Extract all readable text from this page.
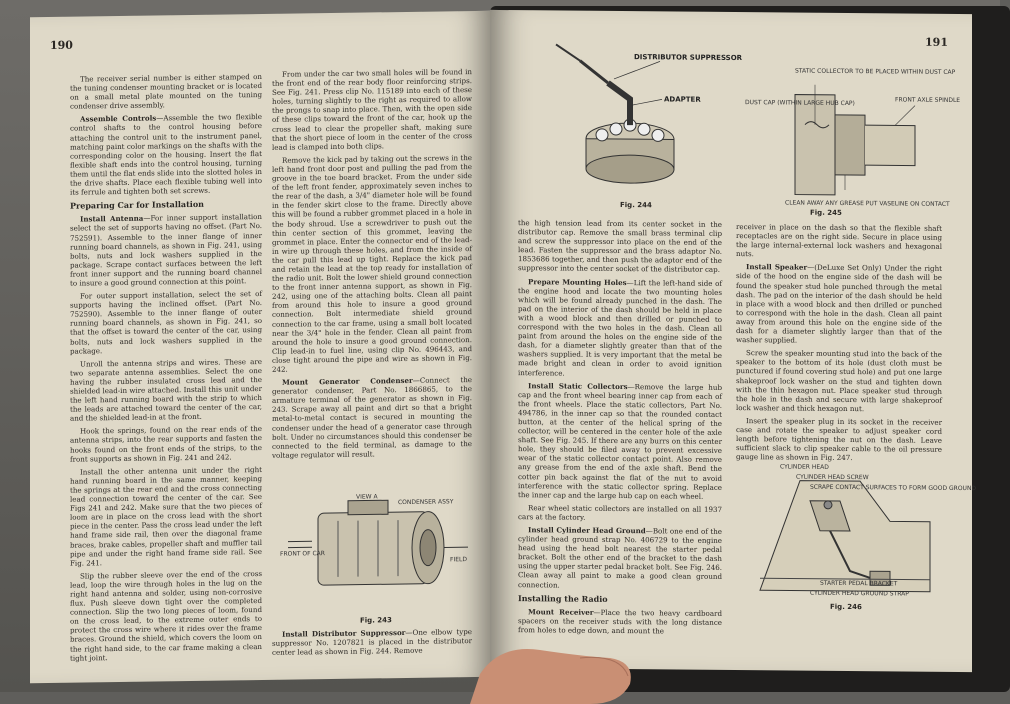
190

The receiver serial number is either stamped on the tuning condenser mounting bracket or is located on a small metal plate mounted on the tuning condenser drive assembly.

Assemble Controls—Assemble the two flexible control shafts to the control housing before attaching the control unit to the instrument panel, matching paint color markings on the shafts with the corresponding color on the housing. Insert the flat flexible shaft ends into the control housing, turning them until the flat ends slide into the slotted holes in the drive shafts. Place each flexible tubing well into its ferrule and tighten both set screws.

Preparing Car for Installation

Install Antenna—For inner support installation select the set of supports having no offset. (Part No. 752591). Assemble to the inner flange of inner running board channels, as shown in Fig. 241, using bolts, nuts and lock washers supplied in the package. Scrape contact surfaces between the left front inner support and the running board channel to insure a good ground connection at this point.

For outer support installation, select the set of supports having the inclined offset. (Part No. 752590). Assemble to the inner flange of outer running board channels, as shown in Fig. 241, so that the offset is toward the center of the car, using bolts, nuts and lock washers supplied in the package.

Unroll the antenna strips and wires. These are two separate antenna assemblies. Select the one having the rubber insulated cross lead and the shielded lead-in wire attached. Install this unit under the left hand running board with the strip to which the leads are attached toward the center of the car, and the shielded lead-in at the front.

Hook the springs, found on the rear ends of the antenna strips, into the rear supports and fasten the hooks found on the front ends of the strips, to the front supports as shown in Fig. 241 and 242.

Install the other antenna unit under the right hand running board in the same manner, keeping the springs at the rear end and the cross connecting lead connection toward the center of the car. See Figs 241 and 242. Make sure that the two pieces of loom are in place on the cross lead with the short piece in the center. Pass the cross lead under the left hand frame side rail, then over the diagonal frame braces, brake cables, propeller shaft and muffler tail pipe and under the right hand frame side rail. See Fig. 241.

Slip the rubber sleeve over the end of the cross lead, loop the wire through holes in the lug on the right hand antenna and solder, using non-corrosive flux. Push sleeve down tight over the completed connection. Slip the two long pieces of loom, found on the cross lead, to the extreme outer ends to protect the cross wire where it rides over the frame braces. Ground the shield, which covers the loom on the right hand side, to the car frame making a clean tight joint.

From under the car two small holes will be found in the front end of the rear body floor reinforcing strips. See Fig. 241. Press clip No. 115189 into each of these holes, turning slightly to the right as required to allow the prongs to snap into place. Then, with the open side of these clips toward the front of the car, hook up the cross lead to clear the propeller shaft, making sure that the short piece of loom in the center of the cross lead is clamped into both clips.

Remove the kick pad by taking out the screws in the left hand front door post and pulling the pad from the groove in the toe board bracket. From the under side of the left front fender, approximately seven inches to the rear of the dash, a 3/4" diameter hole will be found in the fender skirt close to the frame. Directly above this will be found a rubber grommet placed in a hole in the body shroud. Use a screwdriver to push out the thin center section of this grommet, leaving the grommet in place. Enter the connector end of the lead-in wire up through these holes, and from the inside of the car pull this lead up tight. Replace the kick pad and retain the lead at the top ready for installation of the radio unit. Bolt the lower shield ground connection to the front inner antenna support, as shown in Fig. 242, using one of the attaching bolts. Clean all paint from around this hole to insure a good ground connection. Bolt intermediate shield ground connection to the car frame, using a small bolt located near the 3/4" hole in the fender. Clean all paint from around the hole to insure a good ground connection. Clip lead-in to fuel line, using clip No. 496443, and close tight around the pipe and wire as shown in Fig. 242.

Mount Generator Condenser—Connect the generator condenser, Part No. 1866865, to the armature terminal of the generator as shown in Fig. 243. Scrape away all paint and dirt so that a bright metal-to-metal contact is secured in mounting the condenser under the head of a generator case through bolt. Under no circumstances should this condenser be connected to the field terminal, as damage to the voltage regulator will result.

VIEW A
CONDENSER ASSY
FRONT OF CAR
FIELD
Fig. 243

Install Distributor Suppressor—One elbow type suppressor No. 1207821 is placed in the distributor center lead as shown in Fig. 244. Remove

191
DISTRIBUTOR SUPPRESSOR
ADAPTER
Fig. 244
STATIC COLLECTOR TO BE PLACED WITHIN DUST CAP
DUST CAP (WITHIN LARGE HUB CAP)	FRONT AXLE SPINDLE
CLEAN AWAY ANY GREASE PUT VASELINE ON CONTACT
Fig. 245

the high tension lead from its center socket in the distributor cap. Remove the small brass terminal clip and screw the suppressor into place on the end of the lead. Fasten the suppressor and the brass adaptor No. 1853686 together, and then push the adaptor end of the suppressor into the center socket of the distributor cap.

Prepare Mounting Holes—Lift the left-hand side of the engine hood and locate the two mounting holes which will be found already punched in the dash. The pad on the interior of the dash should be held in place with a wood block and then drilled or punched to correspond with the two holes in the dash. Clean all paint from around the holes on the engine side of the dash, for a diameter slightly greater than that of the washers supplied. It is very important that the metal be made bright and clean in order to avoid ignition interference.

Install Static Collectors—Remove the large hub cap and the front wheel bearing inner cap from each of the front wheels. Place the static collectors, Part No. 494786, in the inner cap so that the rounded contact button, at the center of the helical spring of the collector, will be centered in the center hole of the axle shaft. See Fig. 245. If there are any burrs on this center hole, they should be filed away to prevent excessive wear of the static collector contact point. Also remove any grease from the end of the axle shaft. Bend the cotter pin back against the flat of the nut to avoid interference with the static collector spring. Replace the inner cap and the large hub cap on each wheel.

Rear wheel static collectors are installed on all 1937 cars at the factory.

Install Cylinder Head Ground—Bolt one end of the cylinder head ground strap No. 406729 to the engine head using the head bolt nearest the starter pedal bracket. Bolt the other end of the bracket to the dash using the upper starter pedal bracket bolt. See Fig. 246. Clean away all paint to make a good clean ground connection.

Installing the Radio

Mount Receiver—Place the two heavy cardboard spacers on the receiver studs with the long distance from holes to edge down, and mount the

receiver in place on the dash so that the flexible shaft receptacles are on the right side. Secure in place using the large internal-external lock washers and hexagonal nuts.

Install Speaker—(DeLuxe Set Only) Under the right side of the hood on the engine side of the dash will be found the speaker stud hole punched through the metal dash. The pad on the interior of the dash should be held in place with a wood block and then drilled or punched to correspond with the hole in the dash. Clean all paint away from around this hole on the engine side of the dash for a diameter slightly larger than that of the washer supplied.

Screw the speaker mounting stud into the back of the speaker to the bottom of its hole (dust cloth must be punctured if found covering stud hole) and put one large shakeproof lock washer on the stud and tighten down with the thin hexagon nut. Place speaker stud through the hole in the dash and secure with large shakeproof lock washer and thick hexagon nut.

Insert the speaker plug in its socket in the receiver case and rotate the speaker to adjust speaker cord length before tightening the nut on the dash. Leave sufficient slack to clip speaker cable to the oil pressure gauge line as shown in Fig. 247.

CYLINDER HEAD
CYLINDER HEAD SCREW
SCRAPE CONTACT SURFACES TO FORM GOOD GROUND
STARTER PEDAL BRACKET
CYLINDER HEAD GROUND STRAP
Fig. 246
